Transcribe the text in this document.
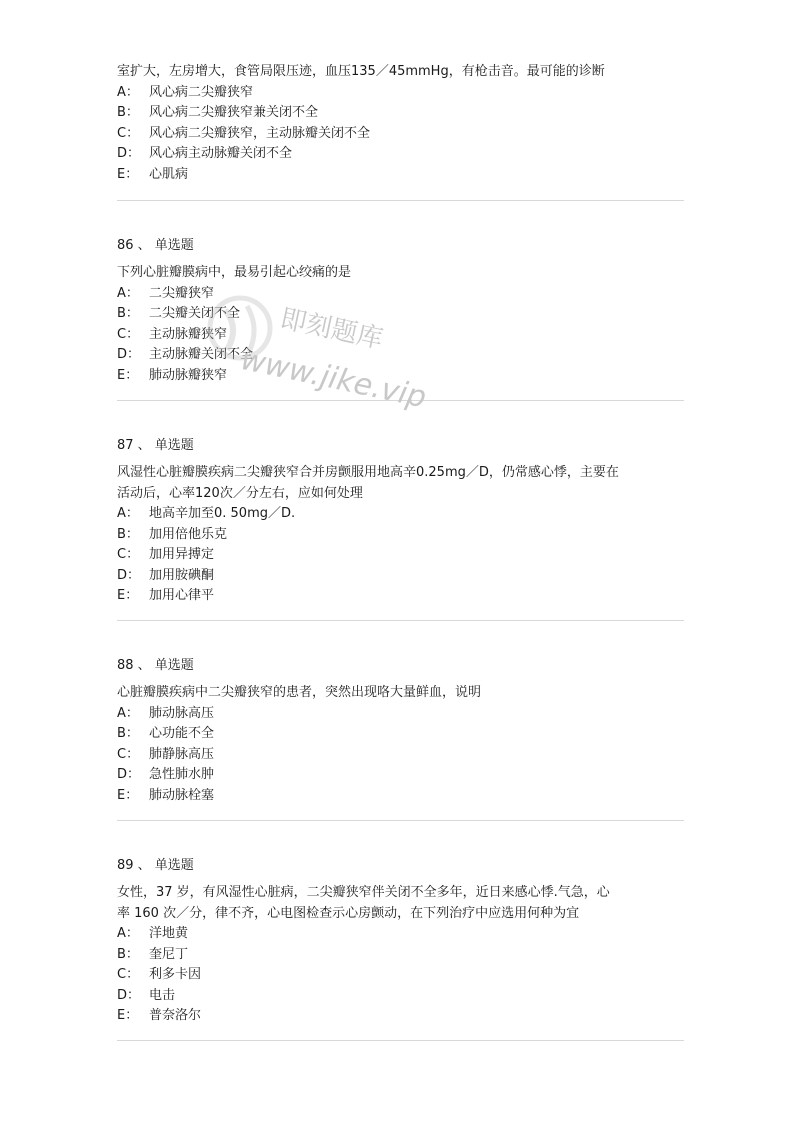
室扩大，左房增大，食管局限压迹，血压135／45mmHg，有枪击音。最可能的诊断
A： 风心病二尖瓣狭窄
B： 风心病二尖瓣狭窄兼关闭不全
C： 风心病二尖瓣狭窄，主动脉瓣关闭不全
D： 风心病主动脉瓣关闭不全
E： 心肌病
86 、 单选题
下列心脏瓣膜病中，最易引起心绞痛的是
A： 二尖瓣狭窄
B： 二尖瓣关闭不全
C： 主动脉瓣狭窄
D： 主动脉瓣关闭不全
E： 肺动脉瓣狭窄
87 、 单选题
风湿性心脏瓣膜疾病二尖瓣狭窄合并房颤服用地高辛0.25mg／D，仍常感心悸，主要在
活动后，心率120次／分左右，应如何处理
A： 地高辛加至0. 50mg／D.
B： 加用倍他乐克
C： 加用异搏定
D： 加用胺碘酮
E： 加用心律平
88 、 单选题
心脏瓣膜疾病中二尖瓣狭窄的患者，突然出现咯大量鲜血，说明
A： 肺动脉高压
B： 心功能不全
C： 肺静脉高压
D： 急性肺水肿
E： 肺动脉栓塞
89 、 单选题
女性，37 岁，有风湿性心脏病，二尖瓣狭窄伴关闭不全多年，近日来感心悸.气急，心
率 160 次／分，律不齐，心电图检查示心房颤动，在下列治疗中应选用何种为宜
A： 洋地黄
B： 奎尼丁
C： 利多卡因
D： 电击
E： 普奈洛尔
即刻题库
www.jike.vip
